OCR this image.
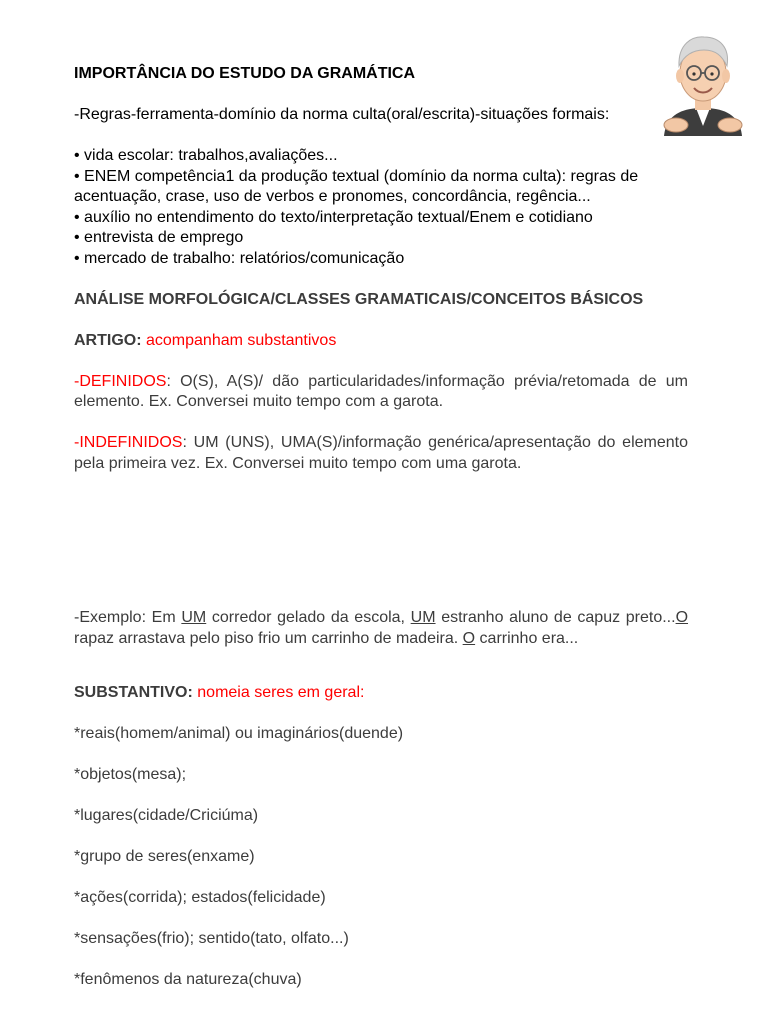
IMPORTÂNCIA DO ESTUDO DA GRAMÁTICA

-Regras-ferramenta-domínio da norma culta(oral/escrita)-situações formais:

• vida escolar: trabalhos,avaliações...

• ENEM competência1 da produção textual (domínio da norma culta): regras de acentuação, crase, uso de verbos e pronomes, concordância, regência...

• auxílio no entendimento do texto/interpretação textual/Enem e cotidiano

• entrevista de emprego

• mercado de trabalho: relatórios/comunicação

ANÁLISE MORFOLÓGICA/CLASSES GRAMATICAIS/CONCEITOS BÁSICOS

ARTIGO: acompanham substantivos

-DEFINIDOS: O(S), A(S)/ dão particularidades/informação prévia/retomada de um elemento. Ex. Conversei muito tempo com a garota.

-INDEFINIDOS: UM (UNS), UMA(S)/informação genérica/apresentação do elemento pela primeira vez. Ex. Conversei muito tempo com uma garota.

-Exemplo: Em UM corredor gelado da escola, UM estranho aluno de capuz preto...O rapaz arrastava pelo piso frio um carrinho de madeira. O carrinho era...

SUBSTANTIVO: nomeia seres em geral:

*reais(homem/animal) ou imaginários(duende)

*objetos(mesa);

*lugares(cidade/Criciúma)

*grupo de seres(enxame)

*ações(corrida); estados(felicidade)

*sensações(frio); sentido(tato, olfato...)

*fenômenos da natureza(chuva)
